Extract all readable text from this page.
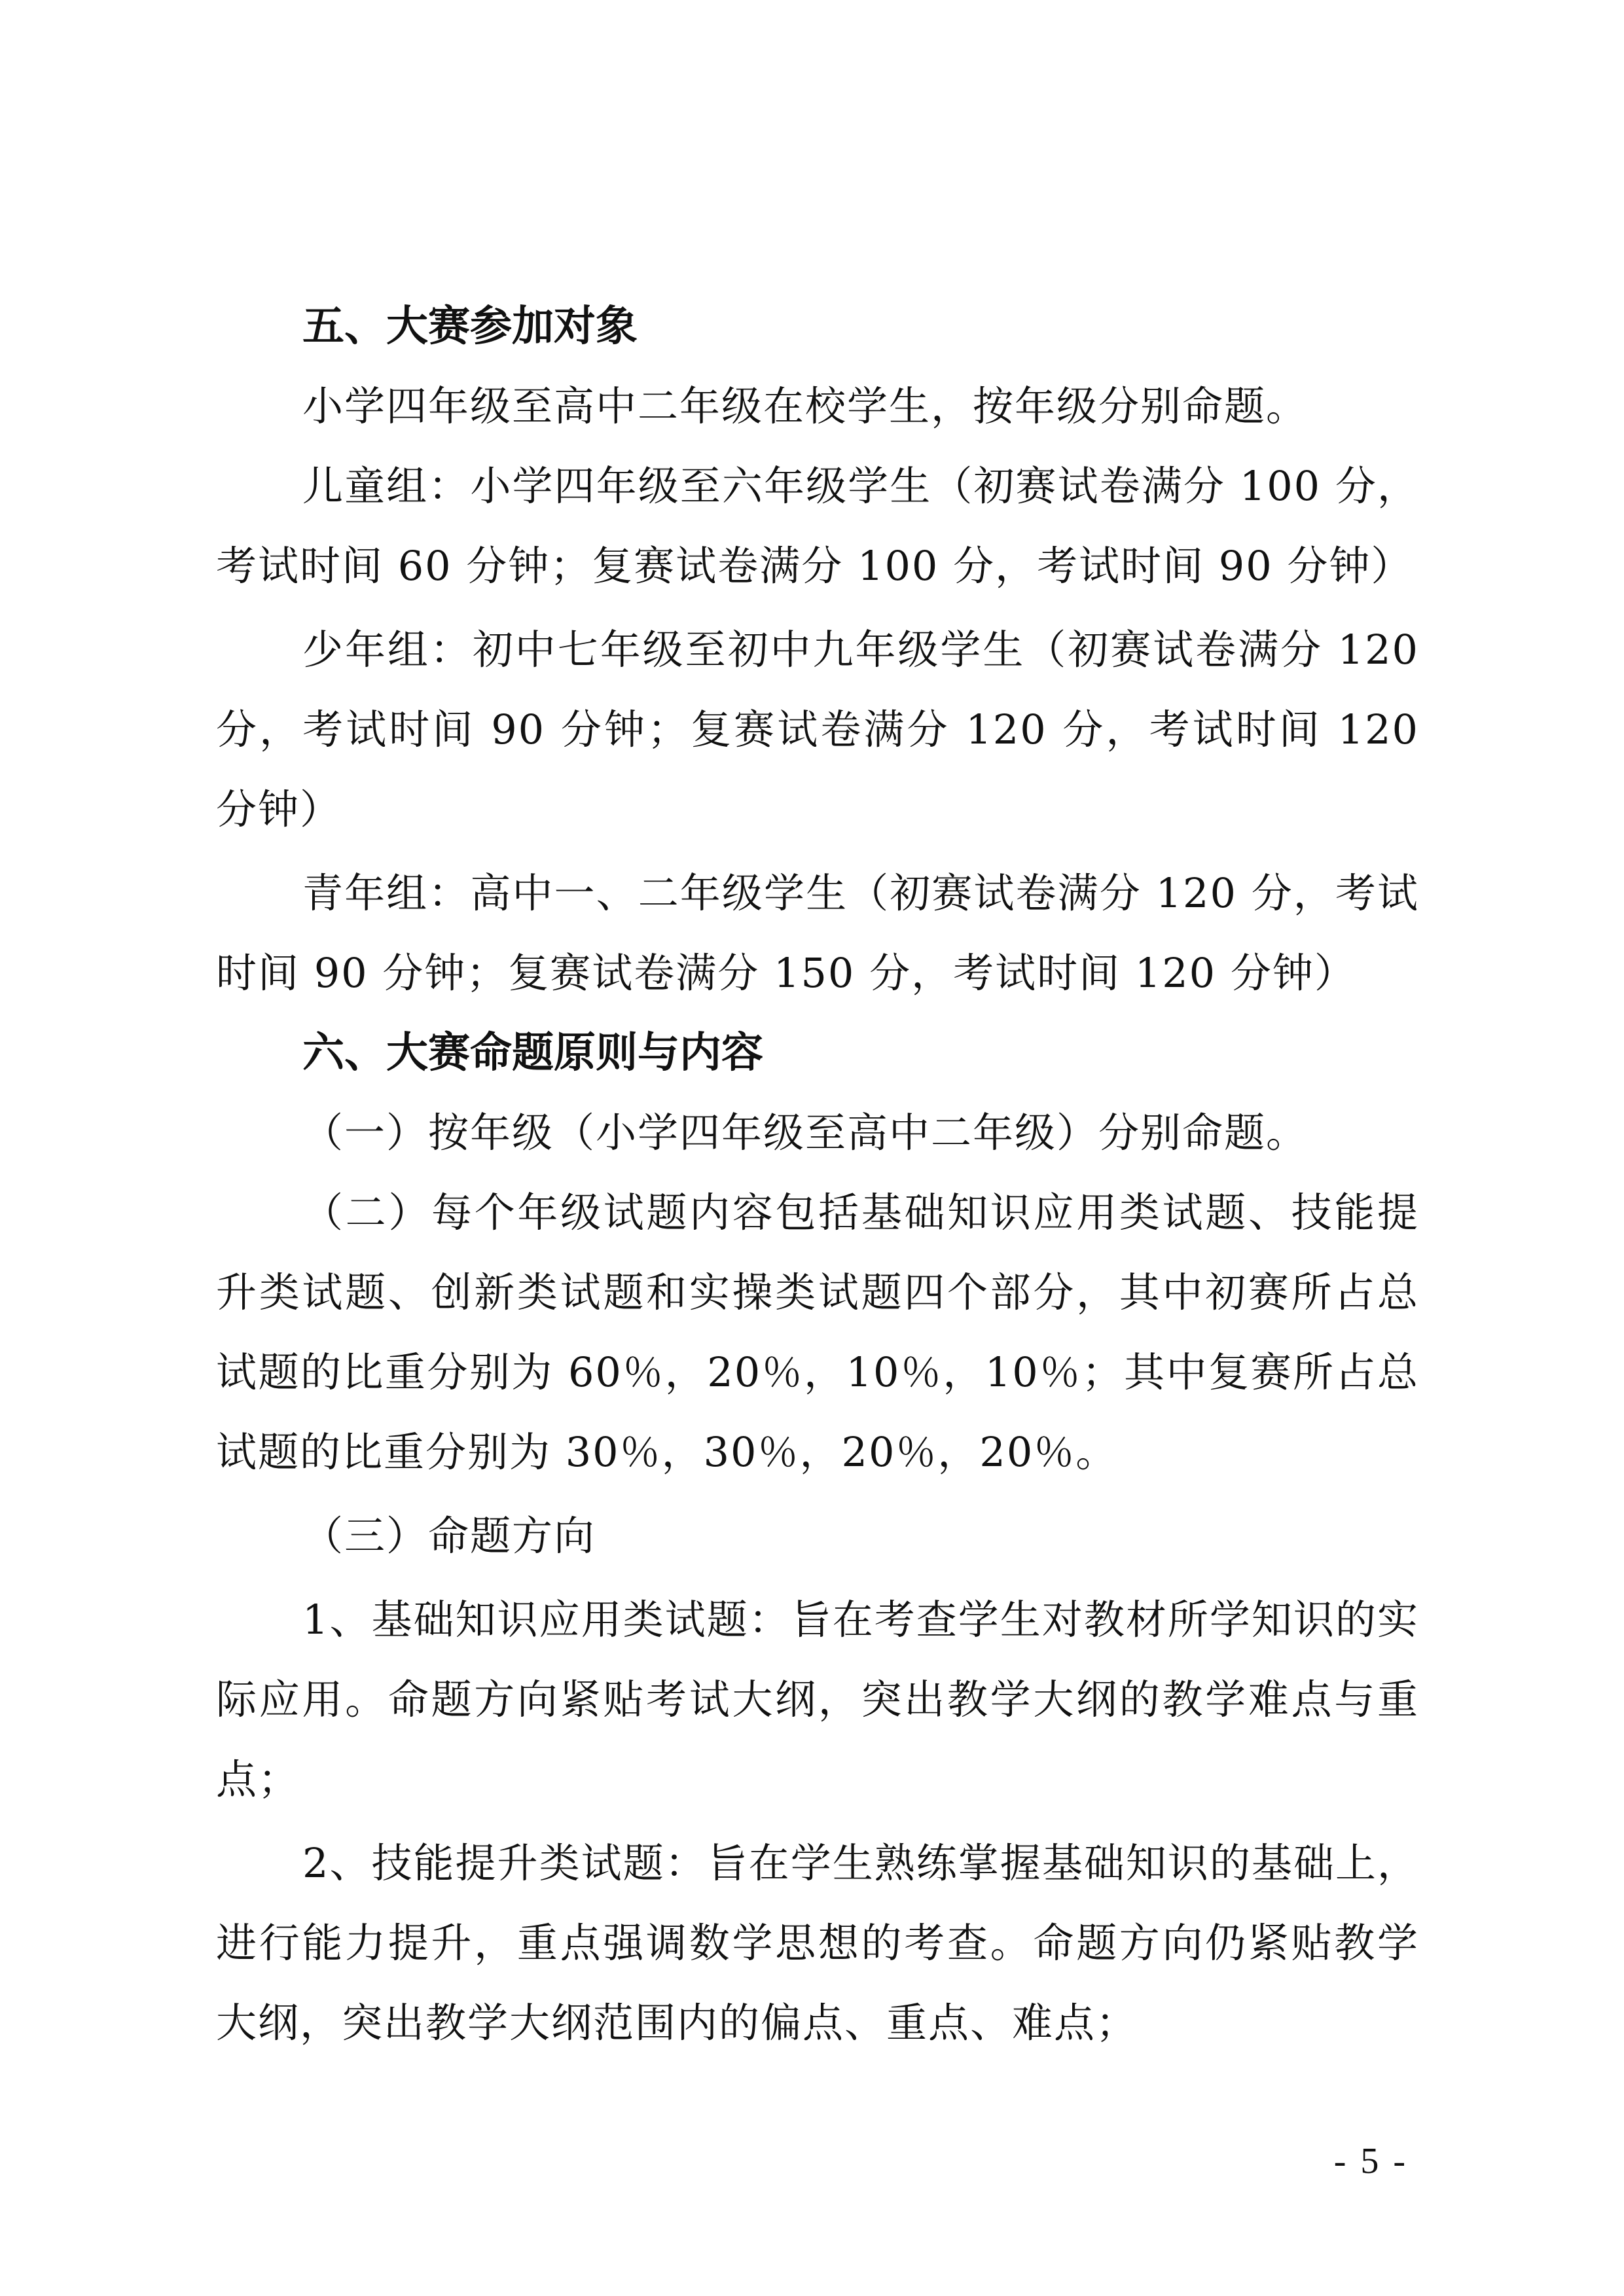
五、大赛参加对象

小学四年级至高中二年级在校学生，按年级分别命题。

儿童组：小学四年级至六年级学生（初赛试卷满分 100 分，考试时间 60 分钟；复赛试卷满分 100 分，考试时间 90 分钟）

少年组：初中七年级至初中九年级学生（初赛试卷满分 120 分，考试时间 90 分钟；复赛试卷满分 120 分，考试时间 120 分钟）

青年组：高中一、二年级学生（初赛试卷满分 120 分，考试时间 90 分钟；复赛试卷满分 150 分，考试时间 120 分钟）

六、大赛命题原则与内容

（一）按年级（小学四年级至高中二年级）分别命题。

（二）每个年级试题内容包括基础知识应用类试题、技能提升类试题、创新类试题和实操类试题四个部分，其中初赛所占总试题的比重分别为 60％，20％，10％，10％；其中复赛所占总试题的比重分别为 30％，30％，20％，20％。

（三）命题方向

1、基础知识应用类试题：旨在考查学生对教材所学知识的实际应用。命题方向紧贴考试大纲，突出教学大纲的教学难点与重点；

2、技能提升类试题：旨在学生熟练掌握基础知识的基础上，进行能力提升，重点强调数学思想的考查。命题方向仍紧贴教学大纲，突出教学大纲范围内的偏点、重点、难点；

- 5 -
